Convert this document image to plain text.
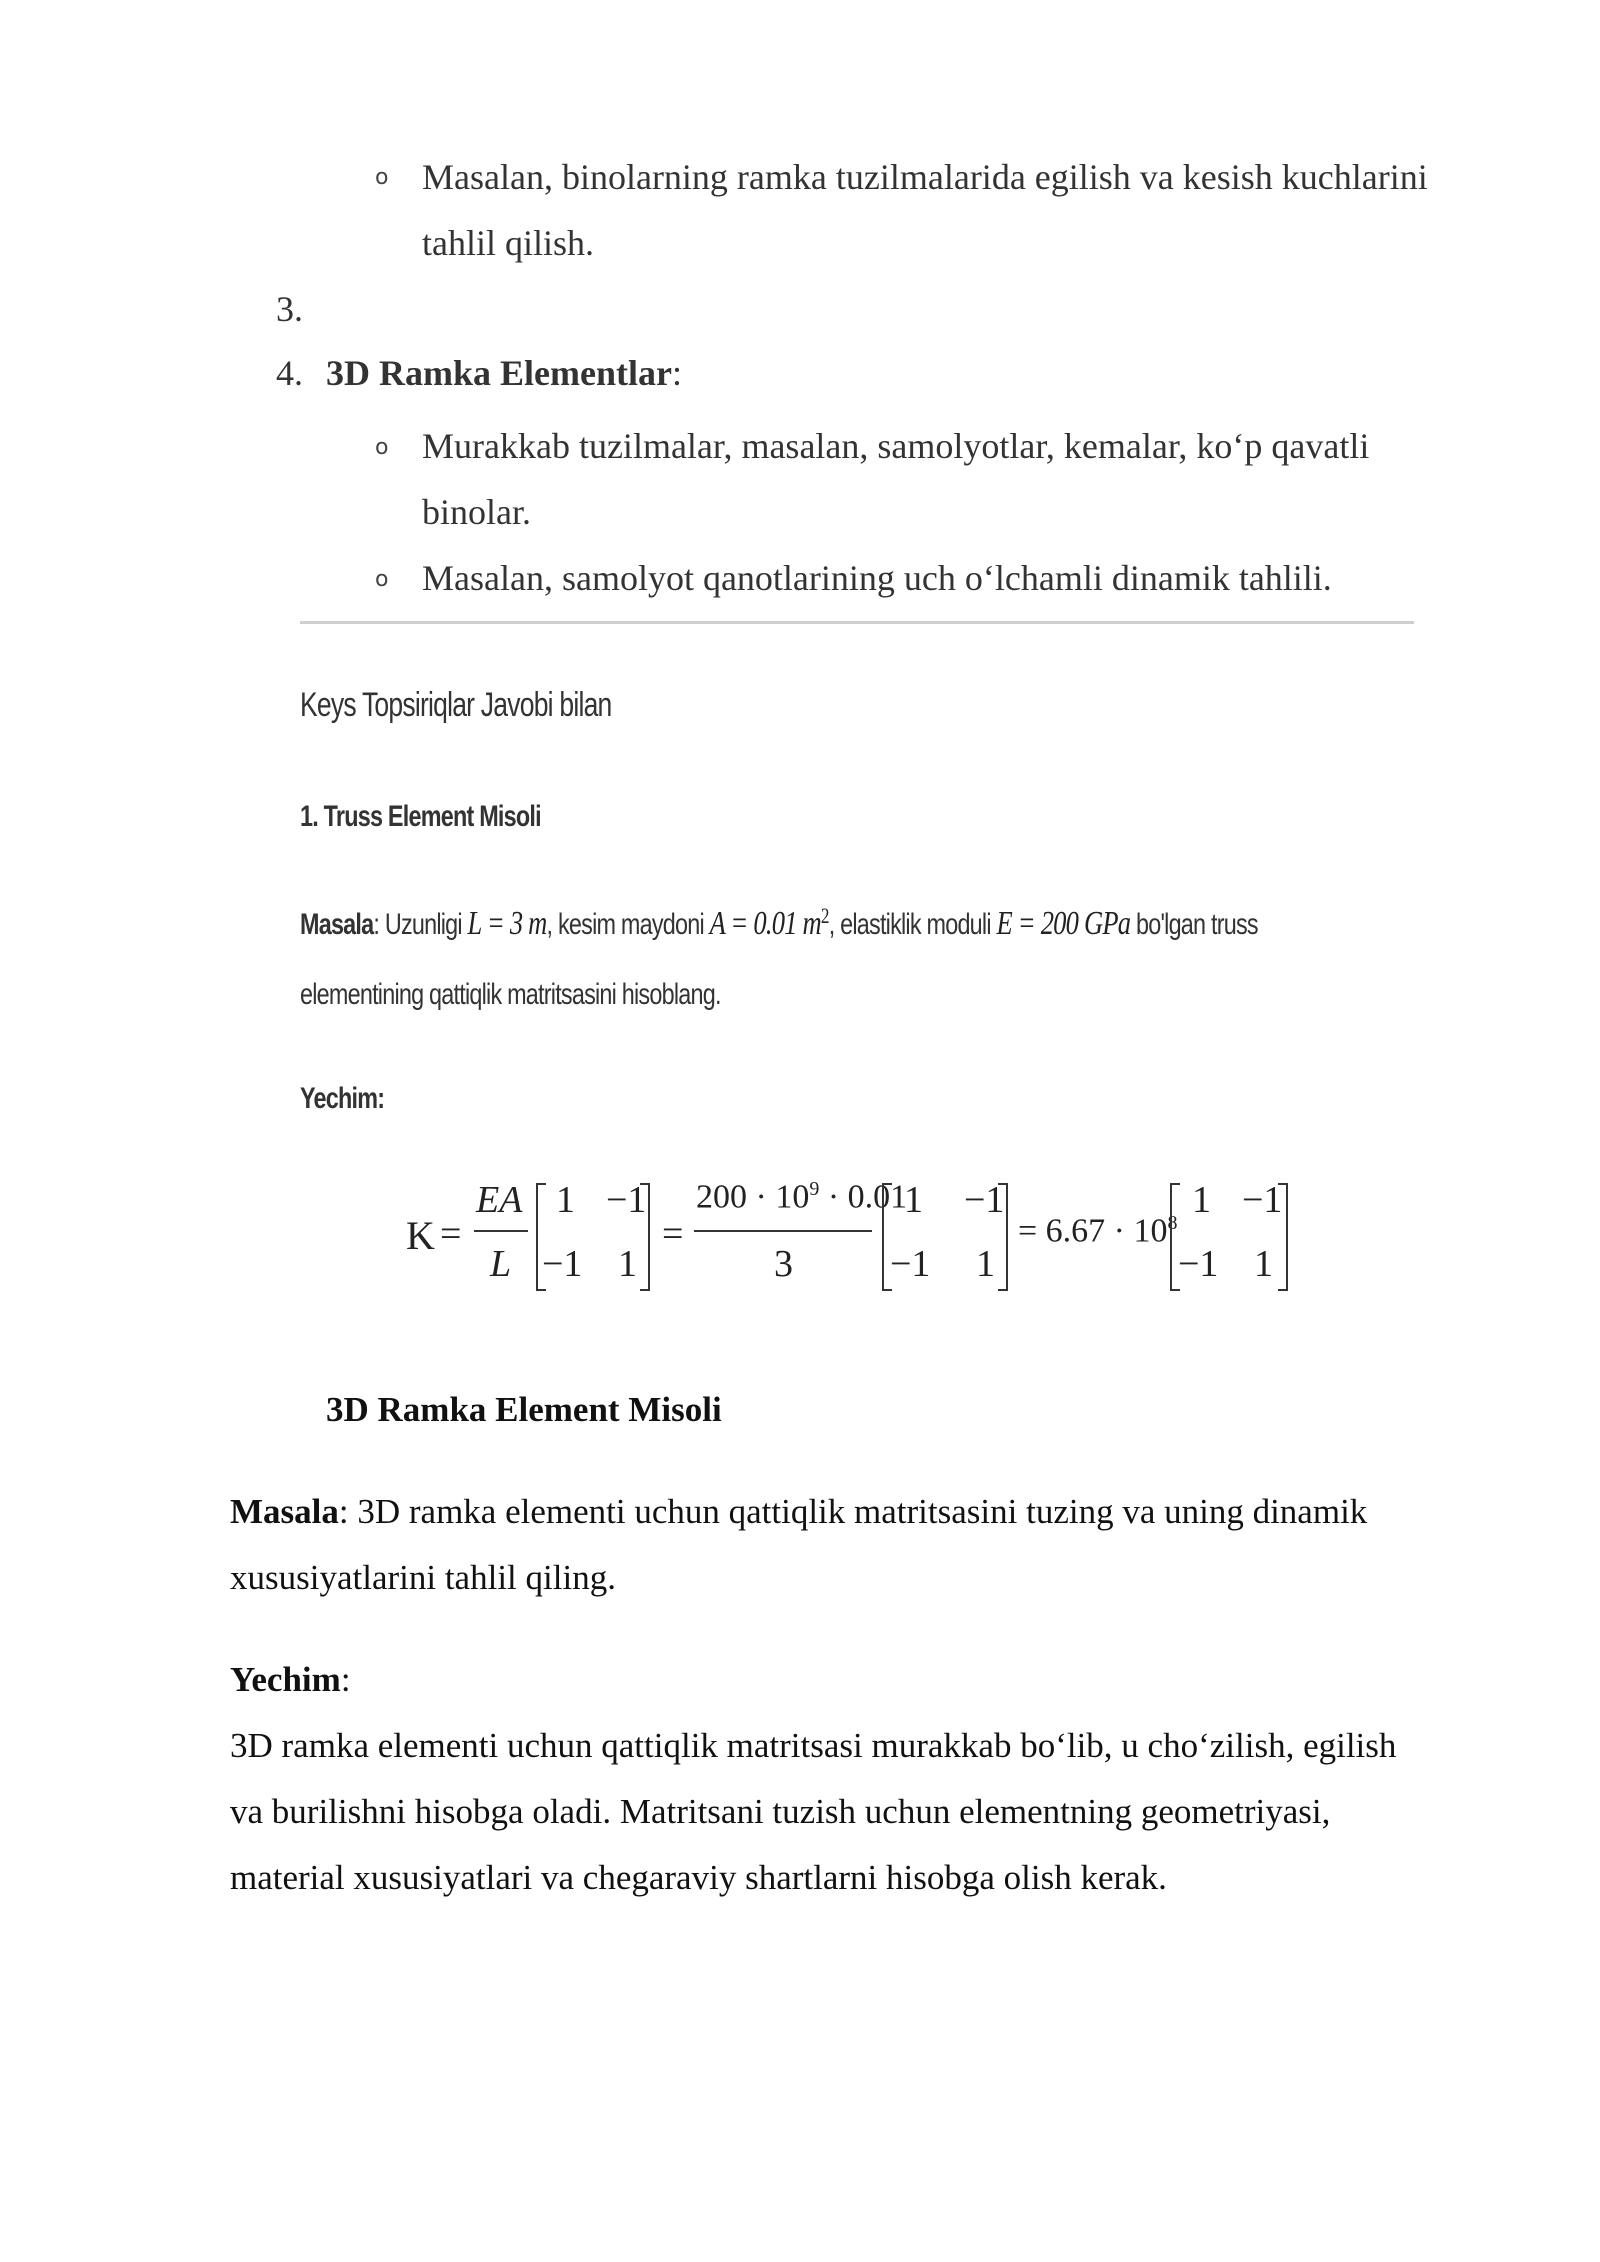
o Masalan, binolarning ramka tuzilmalarida egilish va kesish kuchlarini
tahlil qilish.
3.
4. 3D Ramka Elementlar:
o Murakkab tuzilmalar, masalan, samolyotlar, kemalar, ko‘p qavatli
binolar.
o Masalan, samolyot qanotlarining uch o‘lchamli dinamik tahlili.
Keys Topsiriqlar Javobi bilan
1. Truss Element Misoli
Masala: Uzunligi L = 3 m, kesim maydoni A = 0.01 $m^2$, elastiklik moduli E = 200 GPa bo'lgan truss
elementining qattiqlik matritsasini hisoblang.
Yechim:
K =
EA
L
1 −1
−1 1
=
$200 \cdot 10^9 \cdot 0.01$
3
1 −1
−1 1
= $6.67 \cdot 10^8$
1 −1
−1 1
3D Ramka Element Misoli
Masala: 3D ramka elementi uchun qattiqlik matritsasini tuzing va uning dinamik
xususiyatlarini tahlil qiling.
Yechim:
3D ramka elementi uchun qattiqlik matritsasi murakkab bo‘lib, u cho‘zilish, egilish
va burilishni hisobga oladi. Matritsani tuzish uchun elementning geometriyasi,
material xususiyatlari va chegaraviy shartlarni hisobga olish kerak.
